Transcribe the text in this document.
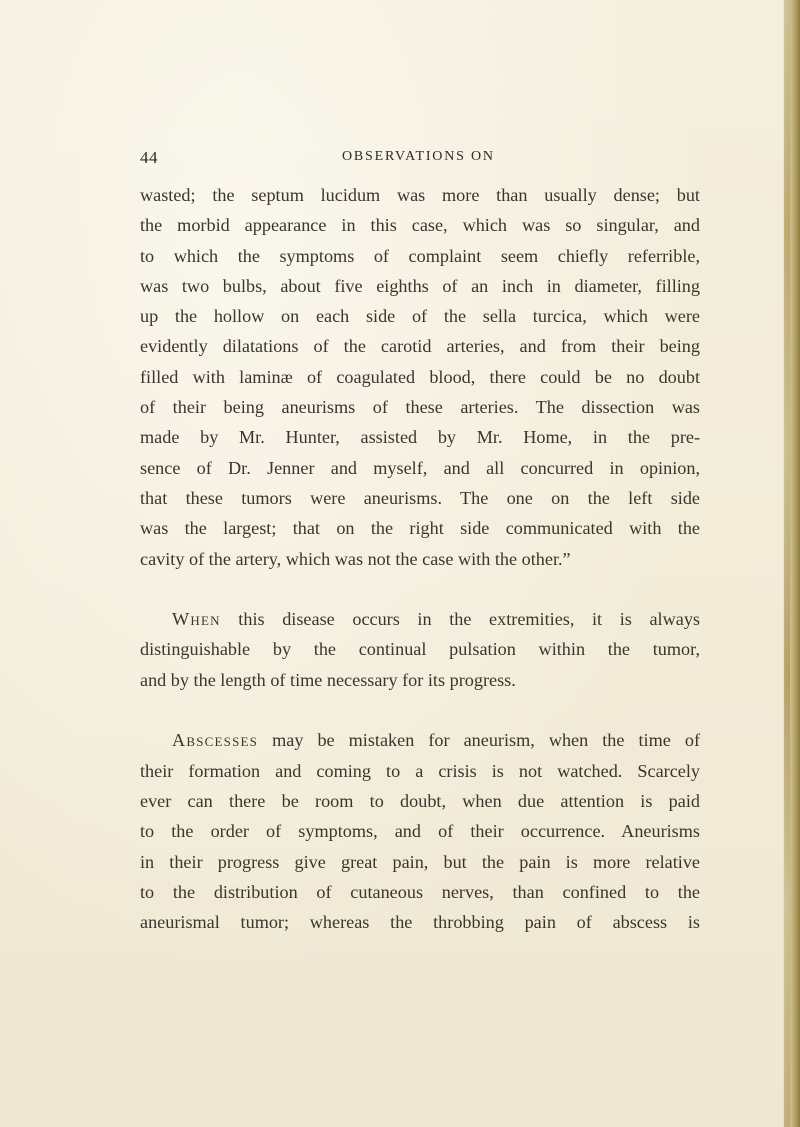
44	OBSERVATIONS ON
wasted; the septum lucidum was more than usually dense; but
the morbid appearance in this case, which was so singular, and
to which the symptoms of complaint seem chiefly referrible,
was two bulbs, about five eighths of an inch in diameter, filling
up the hollow on each side of the sella turcica, which were
evidently dilatations of the carotid arteries, and from their being
filled with laminæ of coagulated blood, there could be no doubt
of their being aneurisms of these arteries. The dissection was
made by Mr. Hunter, assisted by Mr. Home, in the pre-
sence of Dr. Jenner and myself, and all concurred in opinion,
that these tumors were aneurisms. The one on the left side
was the largest; that on the right side communicated with the
cavity of the artery, which was not the case with the other.”
When this disease occurs in the extremities, it is always
distinguishable by the continual pulsation within the tumor,
and by the length of time necessary for its progress.
Abscesses may be mistaken for aneurism, when the time of
their formation and coming to a crisis is not watched. Scarcely
ever can there be room to doubt, when due attention is paid
to the order of symptoms, and of their occurrence. Aneurisms
in their progress give great pain, but the pain is more relative
to the distribution of cutaneous nerves, than confined to the
aneurismal tumor; whereas the throbbing pain of abscess is
